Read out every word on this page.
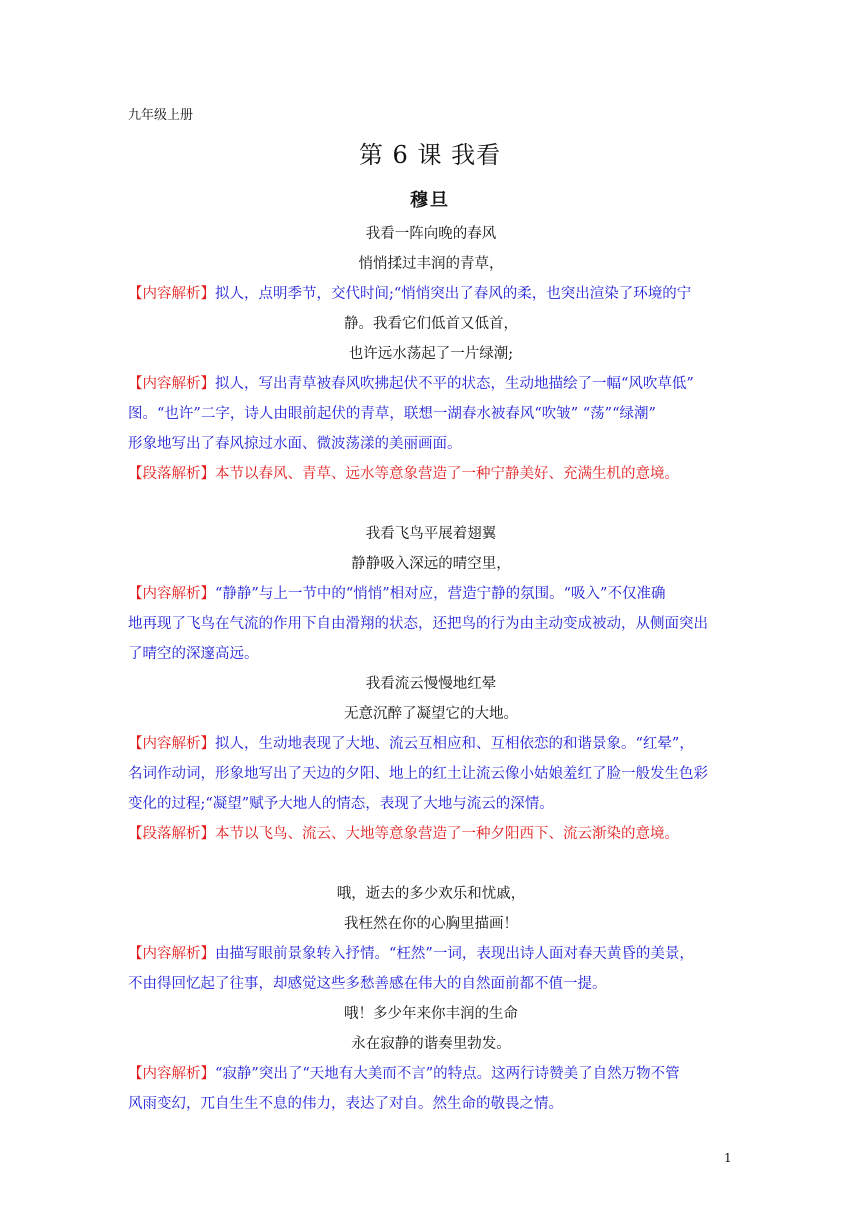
九年级上册
第 6 课 我看
穆旦
我看一阵向晚的春风
悄悄揉过丰润的青草，
【内容解析】拟人，点明季节，交代时间;“悄悄突出了春风的柔，也突出渲染了环境的宁
静。我看它们低首又低首，
也许远水荡起了一片绿潮;
【内容解析】拟人，写出青草被春风吹拂起伏不平的状态，生动地描绘了一幅“风吹草低”
图。“也许”二字，诗人由眼前起伏的青草，联想一湖春水被春风“吹皱” “荡”“绿潮”
形象地写出了春风掠过水面、微波荡漾的美丽画面。
【段落解析】本节以春风、青草、远水等意象营造了一种宁静美好、充满生机的意境。
我看飞鸟平展着翅翼
静静吸入深远的晴空里，
【内容解析】“静静”与上一节中的“悄悄”相对应，营造宁静的氛围。“吸入”不仅准确
地再现了飞鸟在气流的作用下自由滑翔的状态，还把鸟的行为由主动变成被动，从侧面突出
了晴空的深邃高远。
我看流云慢慢地红晕
无意沉醉了凝望它的大地。
【内容解析】拟人，生动地表现了大地、流云互相应和、互相依恋的和谐景象。“红晕”，
名词作动词，形象地写出了天边的夕阳、地上的红土让流云像小姑娘羞红了脸一般发生色彩
变化的过程;“凝望”赋予大地人的情态，表现了大地与流云的深情。
【段落解析】本节以飞鸟、流云、大地等意象营造了一种夕阳西下、流云渐染的意境。
哦，逝去的多少欢乐和忧戚，
我枉然在你的心胸里描画！
【内容解析】由描写眼前景象转入抒情。“枉然”一词，表现出诗人面对春天黄昏的美景，
不由得回忆起了往事，却感觉这些多愁善感在伟大的自然面前都不值一提。
哦！多少年来你丰润的生命
永在寂静的谐奏里勃发。
【内容解析】“寂静”突出了“天地有大美而不言”的特点。这两行诗赞美了自然万物不管
风雨变幻，兀自生生不息的伟力，表达了对自。然生命的敬畏之情。
1
